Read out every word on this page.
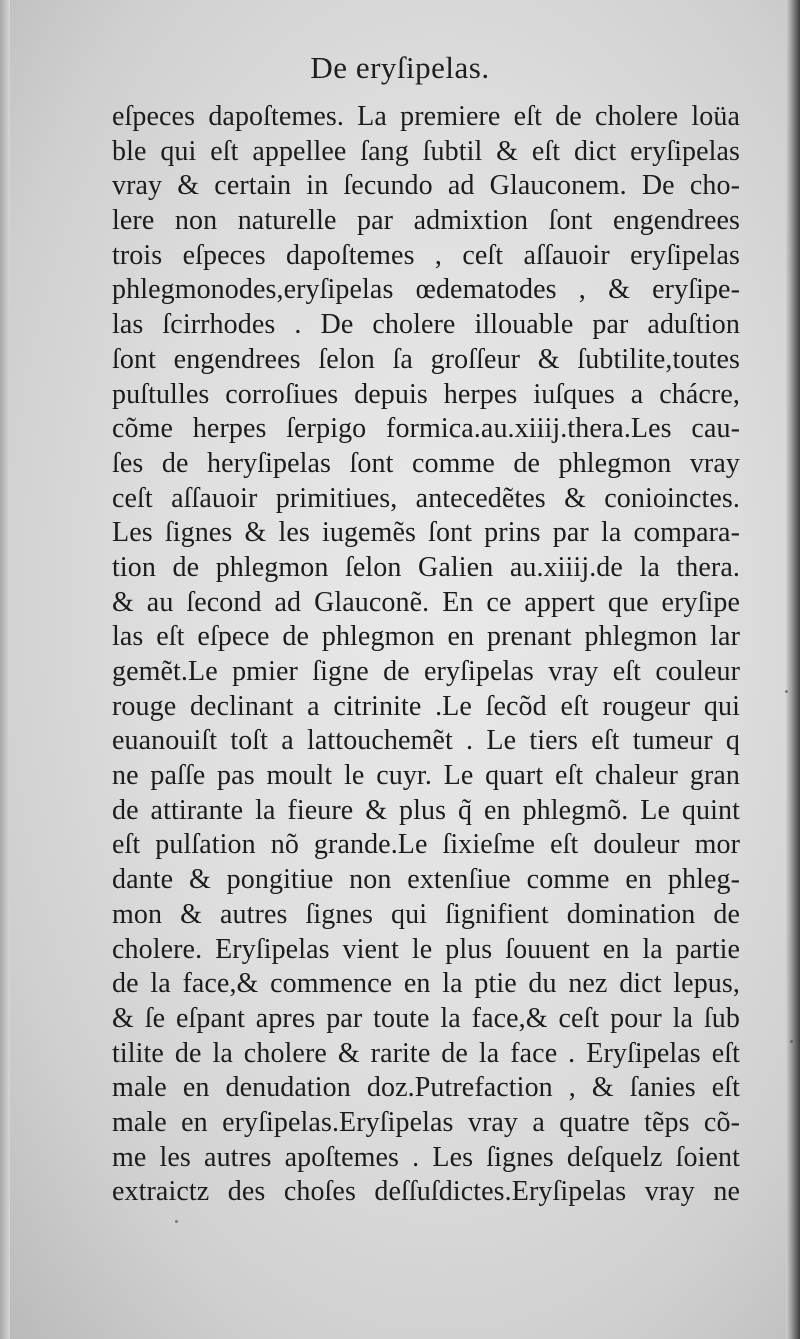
De eryſipelas.
eſpeces dapoſtemes. La premiere eſt de cholere loüa
ble qui eſt appellee ſang ſubtil & eſt dict eryſipelas
vray & certain in ſecundo ad Glauconem. De cho-
lere non naturelle par admixtion ſont engendrees
trois eſpeces dapoſtemes , ceſt aſſauoir eryſipelas
phlegmonodes,eryſipelas œdematodes , & eryſipe-
las ſcirrhodes . De cholere illouable par aduſtion
ſont engendrees ſelon ſa groſſeur & ſubtilite,toutes
puſtulles corroſiues depuis herpes iuſques a chácre,
cõme herpes ſerpigo formica.au.xiiij.thera.Les cau-
ſes de heryſipelas ſont comme de phlegmon vray
ceſt aſſauoir primitiues, antecedẽtes & conioinctes.
Les ſignes & les iugemẽs ſont prins par la compara-
tion de phlegmon ſelon Galien au.xiiij.de la thera.
& au ſecond ad Glauconẽ. En ce appert que eryſipe
las eſt eſpece de phlegmon en prenant phlegmon lar
gemẽt.Le pmier ſigne de eryſipelas vray eſt couleur
rouge declinant a citrinite .Le ſecõd eſt rougeur qui
euanouiſt toſt a lattouchemẽt . Le tiers eſt tumeur q
ne paſſe pas moult le cuyr. Le quart eſt chaleur gran
de attirante la fieure & plus q̃ en phlegmõ. Le quint
eſt pulſation nõ grande.Le ſixieſme eſt douleur mor
dante & pongitiue non extenſiue comme en phleg-
mon & autres ſignes qui ſignifient domination de
cholere. Eryſipelas vient le plus ſouuent en la partie
de la face,& commence en la ptie du nez dict lepus,
& ſe eſpant apres par toute la face,& ceſt pour la ſub
tilite de la cholere & rarite de la face . Eryſipelas eſt
male en denudation doz.Putrefaction , & ſanies eſt
male en eryſipelas.Eryſipelas vray a quatre tẽps cõ-
me les autres apoſtemes . Les ſignes deſquelz ſoient
extraictz des choſes deſſuſdictes.Eryſipelas vray ne
